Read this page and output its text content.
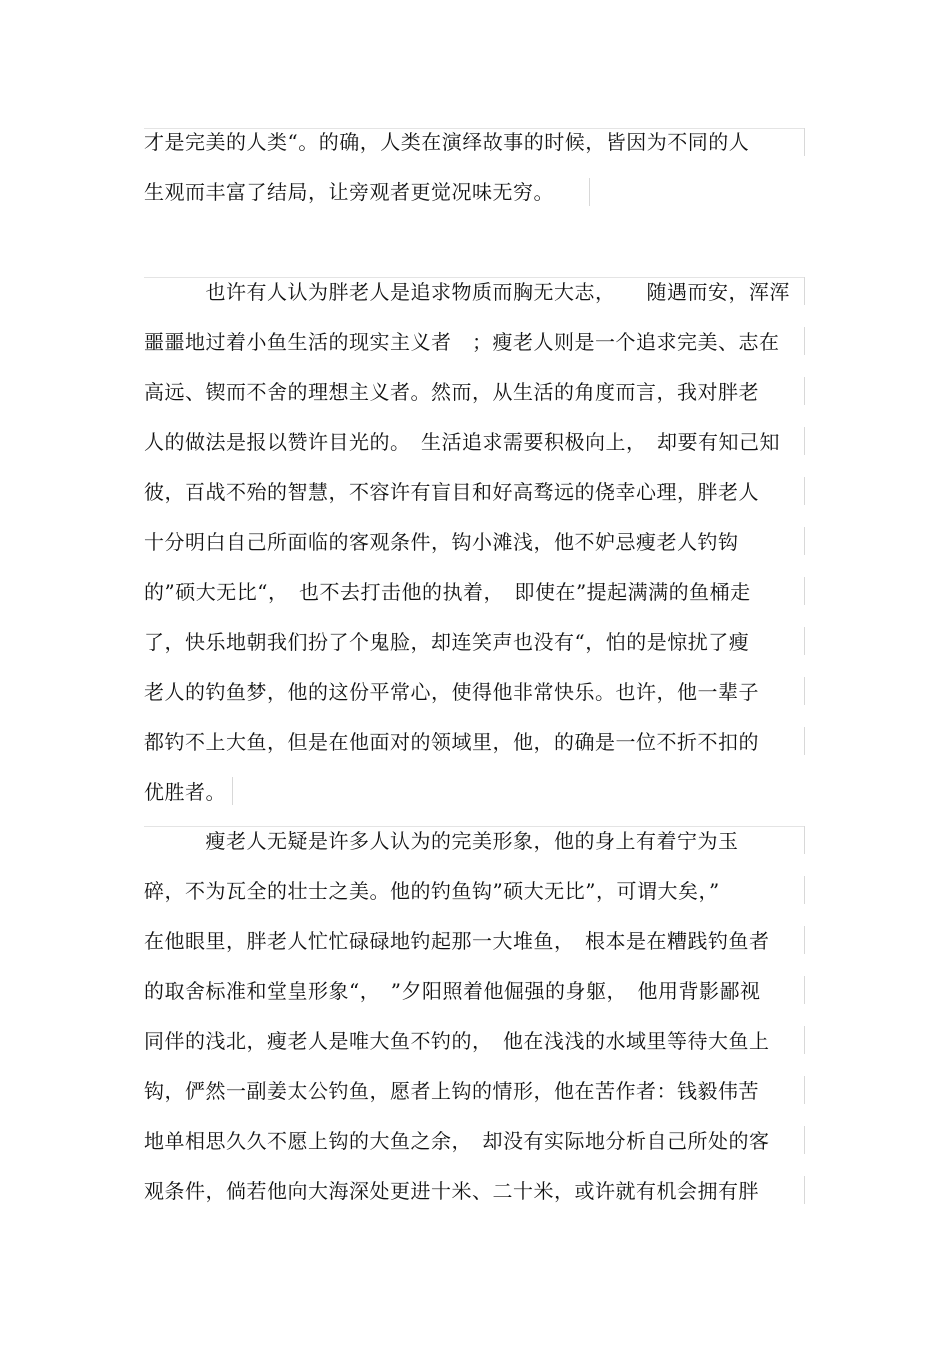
才是完美的人类“。的确，人类在演绎故事的时候，皆因为不同的人
生观而丰富了结局，让旁观者更觉况味无穷。
　　　也许有人认为胖老人是追求物质而胸无大志，　　随遇而安，浑浑
噩噩地过着小鱼生活的现实主义者　；瘦老人则是一个追求完美、志在
高远、锲而不舍的理想主义者。然而，从生活的角度而言，我对胖老
人的做法是报以赞许目光的。　生活追求需要积极向上，　却要有知己知
彼，百战不殆的智慧，不容许有盲目和好高骛远的侥幸心理，胖老人
十分明白自己所面临的客观条件，钩小滩浅，他不妒忌瘦老人钓钩
的”硕大无比“，　也不去打击他的执着，　即使在”提起满满的鱼桶走
了，快乐地朝我们扮了个鬼脸，却连笑声也没有“，怕的是惊扰了瘦
老人的钓鱼梦，他的这份平常心，使得他非常快乐。也许，他一辈子
都钓不上大鱼，但是在他面对的领域里，他，的确是一位不折不扣的
优胜者。
　　　瘦老人无疑是许多人认为的完美形象，他的身上有着宁为玉
碎，不为瓦全的壮士之美。他的钓鱼钩”硕大无比”，可谓大矣，”
在他眼里，胖老人忙忙碌碌地钓起那一大堆鱼，　根本是在糟践钓鱼者
的取舍标准和堂皇形象“，　”夕阳照着他倔强的身躯，　他用背影鄙视
同伴的浅北，瘦老人是唯大鱼不钓的，　他在浅浅的水域里等待大鱼上
钩，俨然一副姜太公钓鱼，愿者上钩的情形，他在苦作者：钱毅伟苦
地单相思久久不愿上钩的大鱼之余，　却没有实际地分析自己所处的客
观条件，倘若他向大海深处更进十米、二十米，或许就有机会拥有胖
